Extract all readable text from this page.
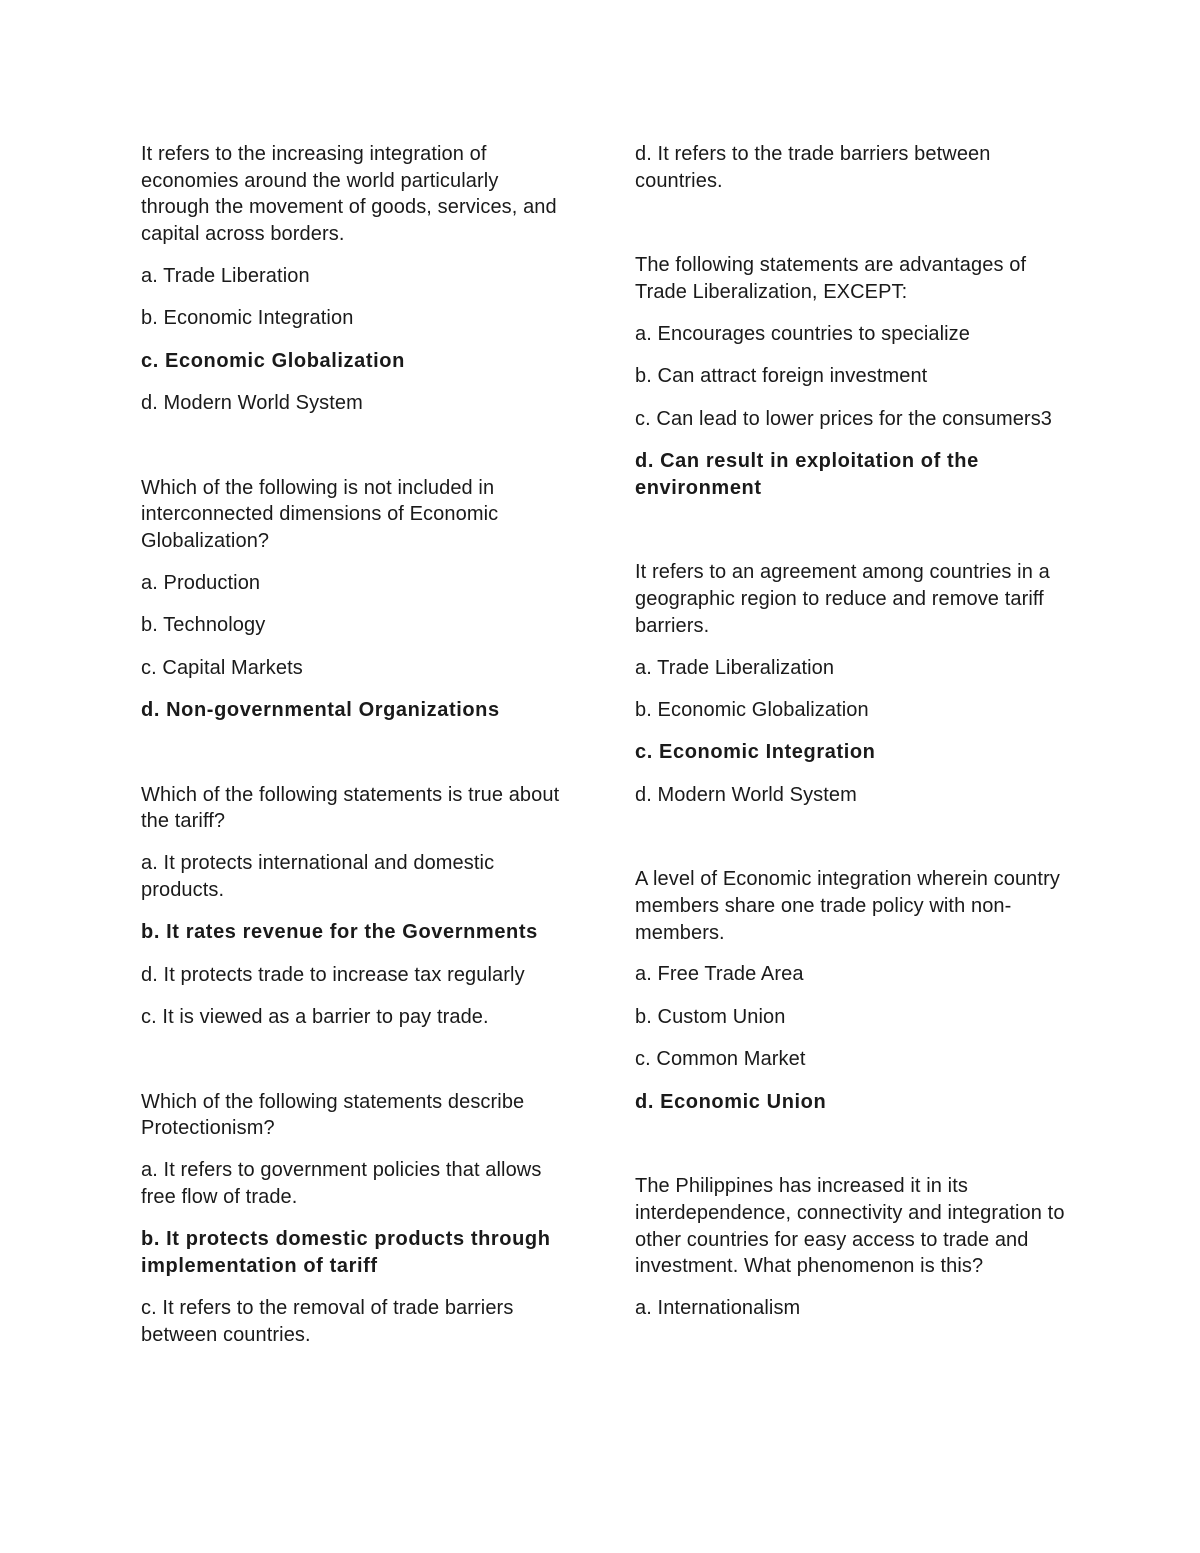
It refers to the increasing integration of economies around the world particularly through the movement of goods, services, and capital across borders.

a. Trade Liberation

b. Economic Integration

c. Economic Globalization

d. Modern World System

Which of the following is not included in interconnected dimensions of Economic Globalization?

a. Production

b. Technology

c. Capital Markets

d. Non-governmental Organizations

Which of the following statements is true about the tariff?

a. It protects international and domestic products.

b. It rates revenue for the Governments

d. It protects trade to increase tax regularly

c. It is viewed as a barrier to pay trade.

Which of the following statements describe Protectionism?

a. It refers to government policies that allows free flow of trade.

b. It protects domestic products through implementation of tariff

c. It refers to the removal of trade barriers between countries.

d. It refers to the trade barriers between countries.

The following statements are advantages of Trade Liberalization, EXCEPT:

a. Encourages countries to specialize

b. Can attract foreign investment

c. Can lead to lower prices for the consumers3

d. Can result in exploitation of the environment

It refers to an agreement among countries in a geographic region to reduce and remove tariff barriers.

a. Trade Liberalization

b. Economic Globalization

c. Economic Integration

d. Modern World System

A level of Economic integration wherein country members share one trade policy with non-members.

a. Free Trade Area

b. Custom Union

c. Common Market

d. Economic Union

The Philippines has increased it in its interdependence, connectivity and integration to other countries for easy access to trade and investment. What phenomenon is this?

a. Internationalism
